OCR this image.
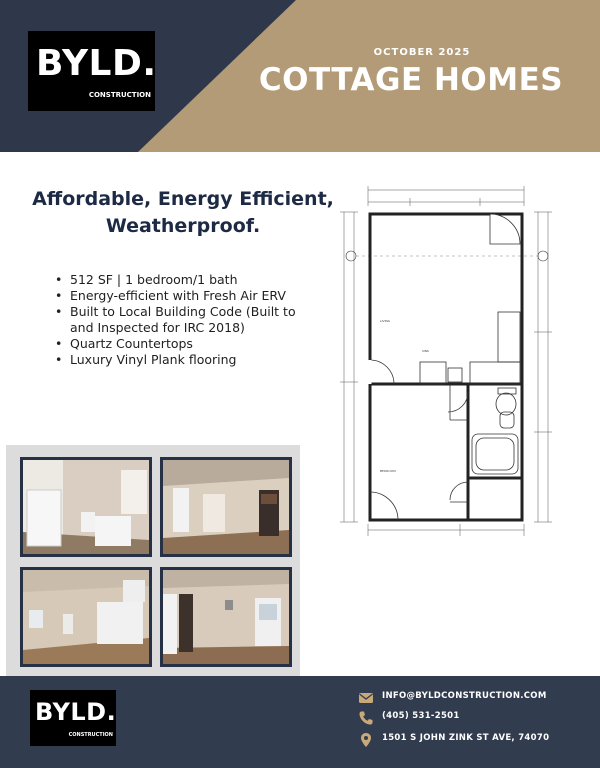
BYLD.
CONSTRUCTION
OCTOBER 2025
COTTAGE HOMES
Affordable, Energy Efficient,
Weatherproof.
• 512 SF | 1 bedroom/1 bath
• Energy-efficient with Fresh Air ERV
• Built to Local Building Code (Built to and Inspected for IRC 2018)
• Quartz Countertops
• Luxury Vinyl Plank flooring
SINK
LIVING
BEDROOM
BYLD.
CONSTRUCTION
INFO@BYLDCONSTRUCTION.COM
(405) 531-2501
1501 S JOHN ZINK ST AVE, 74070
